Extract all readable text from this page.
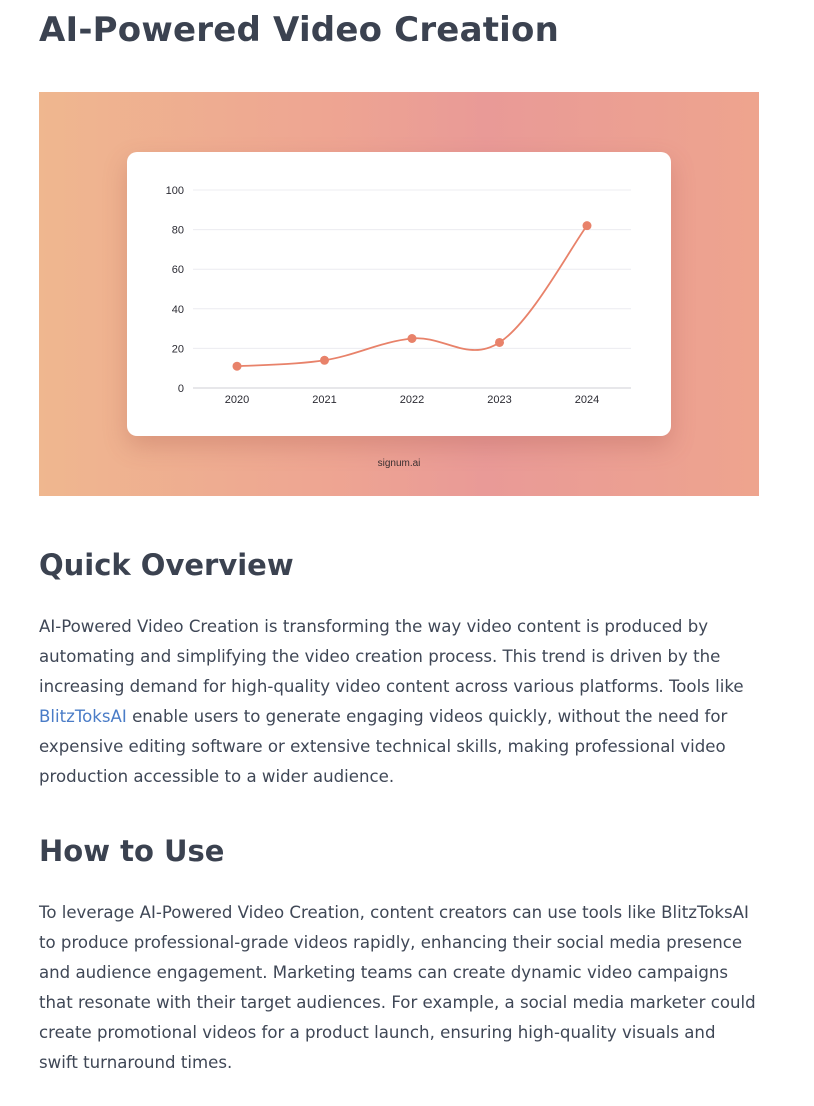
AI-Powered Video Creation
0
20
40
60
80
100
2020	2021	2022	2023	2024
signum.ai
Quick Overview
AI-Powered Video Creation is transforming the way video content is produced by
automating and simplifying the video creation process. This trend is driven by the
increasing demand for high-quality video content across various platforms. Tools like
BlitzToksAI enable users to generate engaging videos quickly, without the need for
expensive editing software or extensive technical skills, making professional video
production accessible to a wider audience.
How to Use
To leverage AI-Powered Video Creation, content creators can use tools like BlitzToksAI
to produce professional-grade videos rapidly, enhancing their social media presence
and audience engagement. Marketing teams can create dynamic video campaigns
that resonate with their target audiences. For example, a social media marketer could
create promotional videos for a product launch, ensuring high-quality visuals and
swift turnaround times.
